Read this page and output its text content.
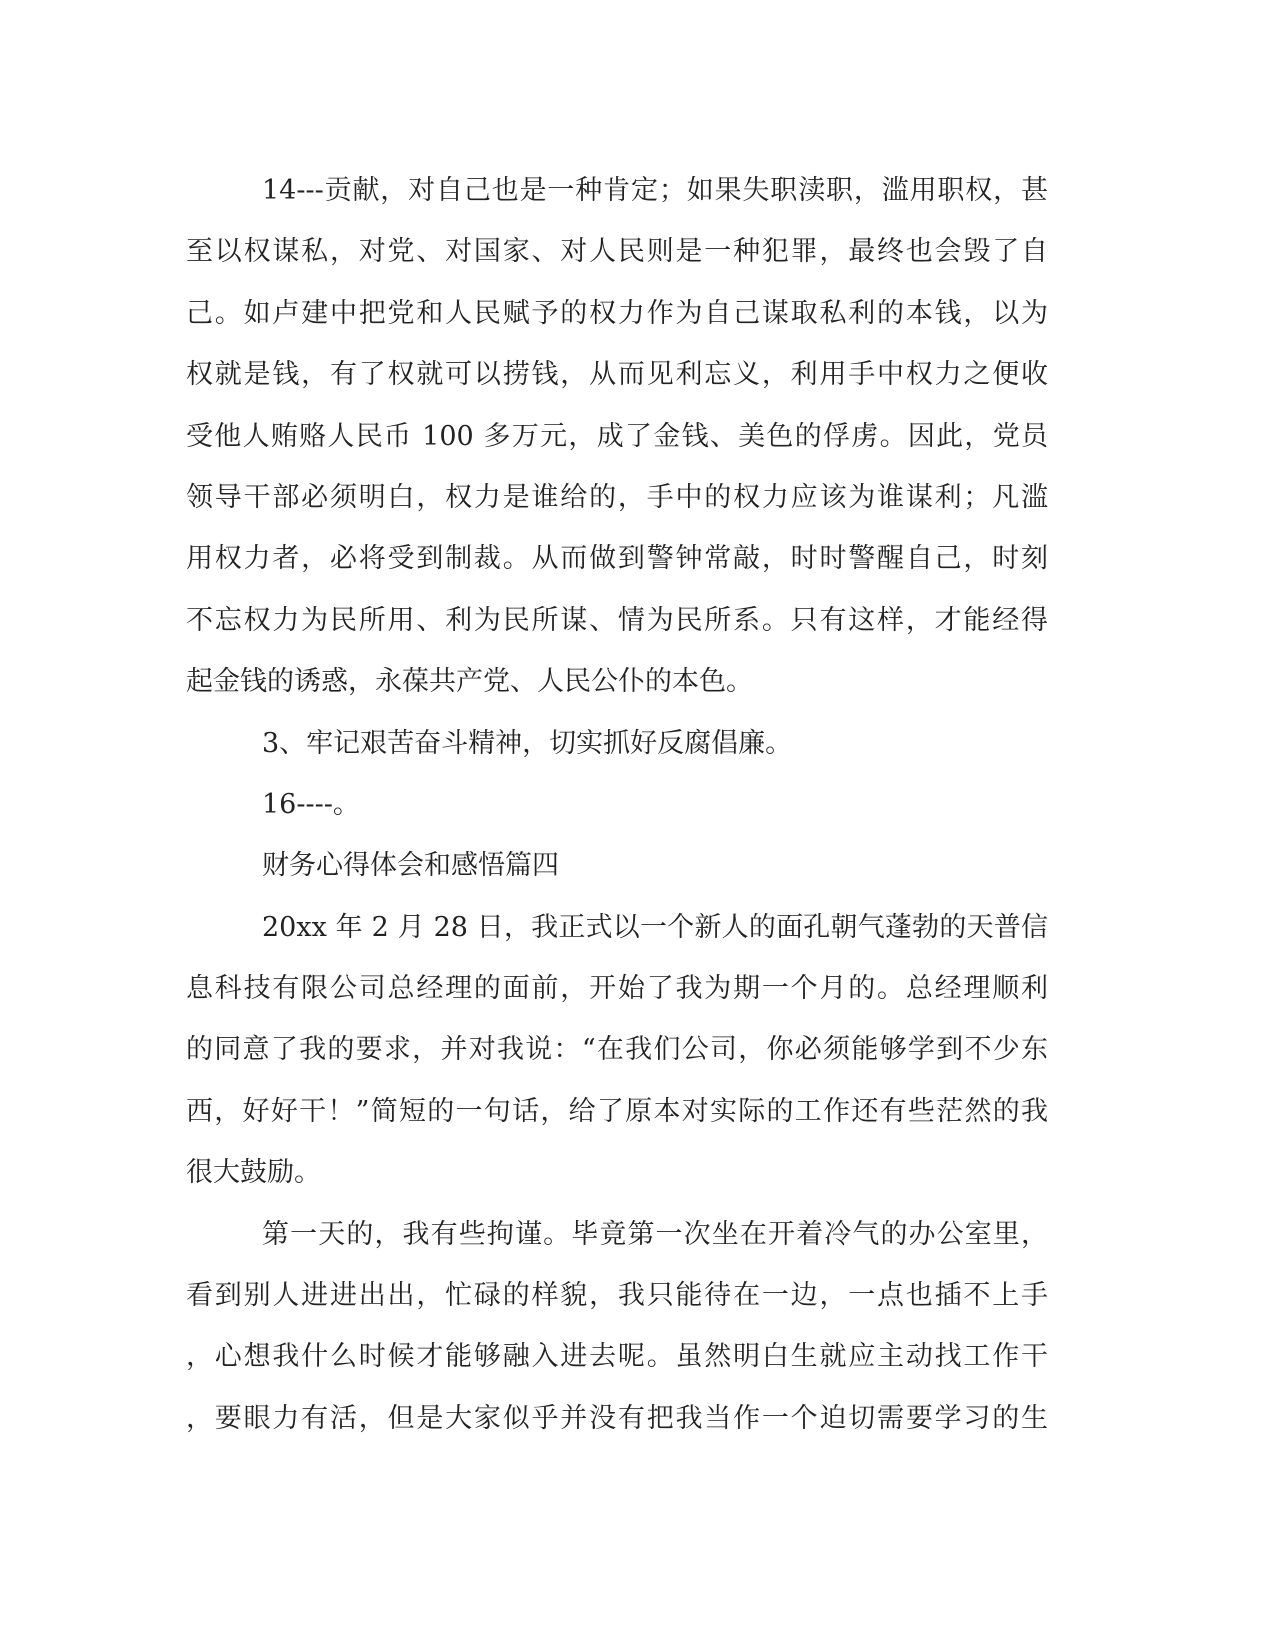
14---贡献，对自己也是一种肯定；如果失职渎职，滥用职权，甚
至以权谋私，对党、对国家、对人民则是一种犯罪，最终也会毁了自
己。如卢建中把党和人民赋予的权力作为自己谋取私利的本钱，以为
权就是钱，有了权就可以捞钱，从而见利忘义，利用手中权力之便收
受他人贿赂人民币 100 多万元，成了金钱、美色的俘虏。因此，党员
领导干部必须明白，权力是谁给的，手中的权力应该为谁谋利；凡滥
用权力者，必将受到制裁。从而做到警钟常敲，时时警醒自己，时刻
不忘权力为民所用、利为民所谋、情为民所系。只有这样，才能经得
起金钱的诱惑，永葆共产党、人民公仆的本色。
3、牢记艰苦奋斗精神，切实抓好反腐倡廉。
16----。
财务心得体会和感悟篇四
20xx 年 2 月 28 日，我正式以一个新人的面孔朝气蓬勃的天普信
息科技有限公司总经理的面前，开始了我为期一个月的。总经理顺利
的同意了我的要求，并对我说：“在我们公司，你必须能够学到不少东
西，好好干！”简短的一句话，给了原本对实际的工作还有些茫然的我
很大鼓励。
第一天的，我有些拘谨。毕竟第一次坐在开着冷气的办公室里，
看到别人进进出出，忙碌的样貌，我只能待在一边，一点也插不上手
，心想我什么时候才能够融入进去呢。虽然明白生就应主动找工作干
，要眼力有活，但是大家似乎并没有把我当作一个迫切需要学习的生
